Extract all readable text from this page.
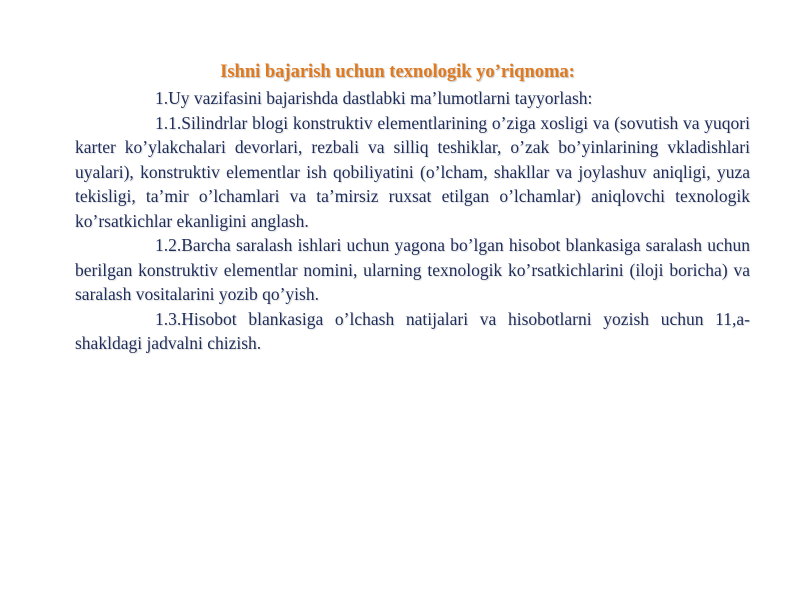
Ishni bajarish uchun texnologik yo’riqnoma:

1.Uy vazifasini bajarishda dastlabki ma’lumotlarni tayyorlash:

1.1.Silindrlar blogi konstruktiv elementlarining o’ziga xosligi va (sovutish va yuqori karter ko’ylakchalari devorlari, rezbali va silliq teshiklar, o’zak bo’yinlarining vkladishlari uyalari), konstruktiv elementlar ish qobiliyatini (o’lcham, shakllar va joylashuv aniqligi, yuza tekisligi, ta’mir o’lchamlari va ta’mirsiz ruxsat etilgan o’lchamlar) aniqlovchi texnologik ko’rsatkichlar ekanligini anglash.

1.2.Barcha saralash ishlari uchun yagona bo’lgan hisobot blankasiga saralash uchun berilgan konstruktiv elementlar nomini, ularning texnologik ko’rsatkichlarini (iloji boricha) va saralash vositalarini yozib qo’yish.

1.3.Hisobot blankasiga o’lchash natijalari va hisobotlarni yozish uchun 11,a-shakldagi jadvalni chizish.
